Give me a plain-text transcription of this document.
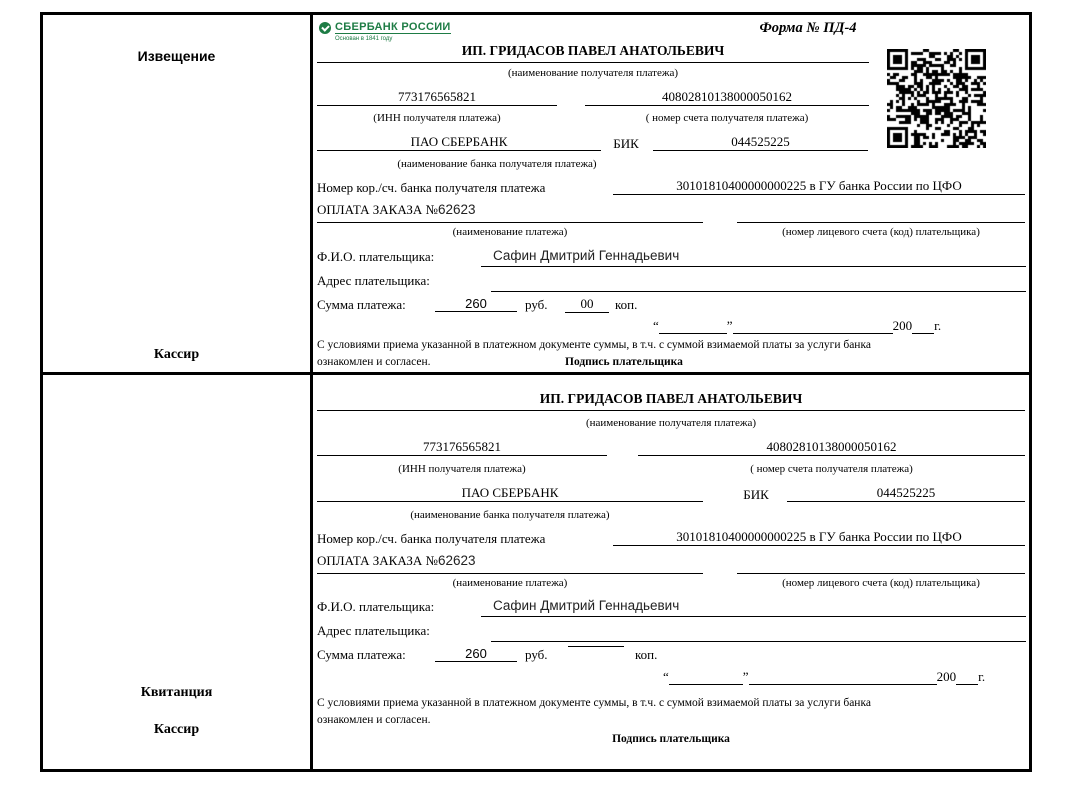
Извещение
Кассир
СБЕРБАНК РОССИИ
Основан в 1841 году
Форма № ПД-4
ИП. ГРИДАСОВ ПАВЕЛ АНАТОЛЬЕВИЧ
(наименование получателя платежа)
773176565821	40802810138000050162
(ИНН получателя платежа)	( номер счета получателя платежа)
ПАО СБЕРБАНК	БИК	044525225
(наименование банка получателя платежа)
Номер кор./сч. банка получателя платежа	30101810400000000225 в ГУ банка России по ЦФО
ОПЛАТА ЗАКАЗА №62623
(наименование платежа)	(номер лицевого счета (код) плательщика)
Ф.И.О. плательщика:	Сафин Дмитрий Геннадьевич
Адрес плательщика:
Сумма платежа:	260	руб.	00	коп.
“	”	200 г.
С условиями приема указанной в платежном документе суммы, в т.ч. с суммой взимаемой платы за услуги банка
ознакомлен и согласен.	Подпись плательщика
Квитанция
Кассир
ИП. ГРИДАСОВ ПАВЕЛ АНАТОЛЬЕВИЧ
(наименование получателя платежа)
773176565821	40802810138000050162
(ИНН получателя платежа)	( номер счета получателя платежа)
ПАО СБЕРБАНК	БИК	044525225
(наименование банка получателя платежа)
Номер кор./сч. банка получателя платежа	30101810400000000225 в ГУ банка России по ЦФО
ОПЛАТА ЗАКАЗА №62623
(наименование платежа)	(номер лицевого счета (код) плательщика)
Ф.И.О. плательщика:	Сафин Дмитрий Геннадьевич
Адрес плательщика:
Сумма платежа:	260	руб.	коп.
“	”	200 г.
С условиями приема указанной в платежном документе суммы, в т.ч. с суммой взимаемой платы за услуги банка
ознакомлен и согласен.
Подпись плательщика
